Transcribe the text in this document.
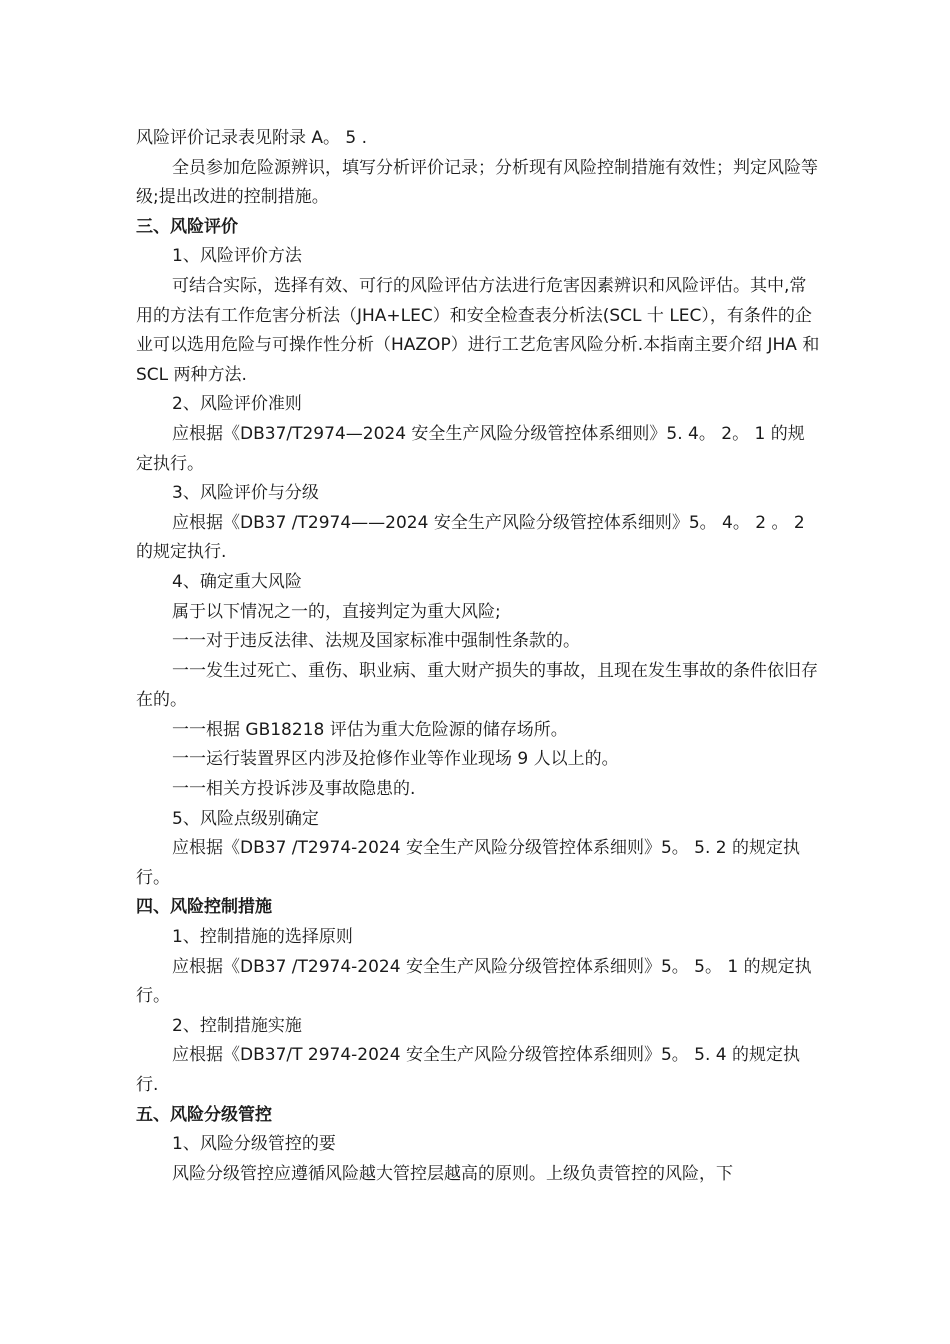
风险评价记录表见附录 A。 5 .

全员参加危险源辨识，填写分析评价记录；分析现有风险控制措施有效性；判定风险等级;提出改进的控制措施。

三、风险评价

1、风险评价方法

可结合实际，选择有效、可行的风险评估方法进行危害因素辨识和风险评估。其中,常用的方法有工作危害分析法（JHA+LEC）和安全检查表分析法(SCL 十 LEC），有条件的企业可以选用危险与可操作性分析（HAZOP）进行工艺危害风险分析.本指南主要介绍 JHA 和 SCL 两种方法.

2、风险评价准则

应根据《DB37/T2974—2024 安全生产风险分级管控体系细则》5. 4。 2。 1 的规定执行。

3、风险评价与分级

应根据《DB37 /T2974——2024 安全生产风险分级管控体系细则》5。 4。 2 。 2 的规定执行.

4、确定重大风险

属于以下情况之一的，直接判定为重大风险;

一一对于违反法律、法规及国家标准中强制性条款的。

一一发生过死亡、重伤、职业病、重大财产损失的事故，且现在发生事故的条件依旧存在的。

一一根据 GB18218 评估为重大危险源的储存场所。

一一运行装置界区内涉及抢修作业等作业现场 9 人以上的。

一一相关方投诉涉及事故隐患的.

5、风险点级别确定

应根据《DB37 /T2974-2024 安全生产风险分级管控体系细则》5。 5. 2 的规定执行。

四、风险控制措施

1、控制措施的选择原则

应根据《DB37 /T2974-2024 安全生产风险分级管控体系细则》5。 5。 1 的规定执行。

2、控制措施实施

应根据《DB37/T 2974-2024 安全生产风险分级管控体系细则》5。 5. 4 的规定执行.

五、风险分级管控

1、风险分级管控的要

风险分级管控应遵循风险越大管控层越高的原则。上级负责管控的风险，下
